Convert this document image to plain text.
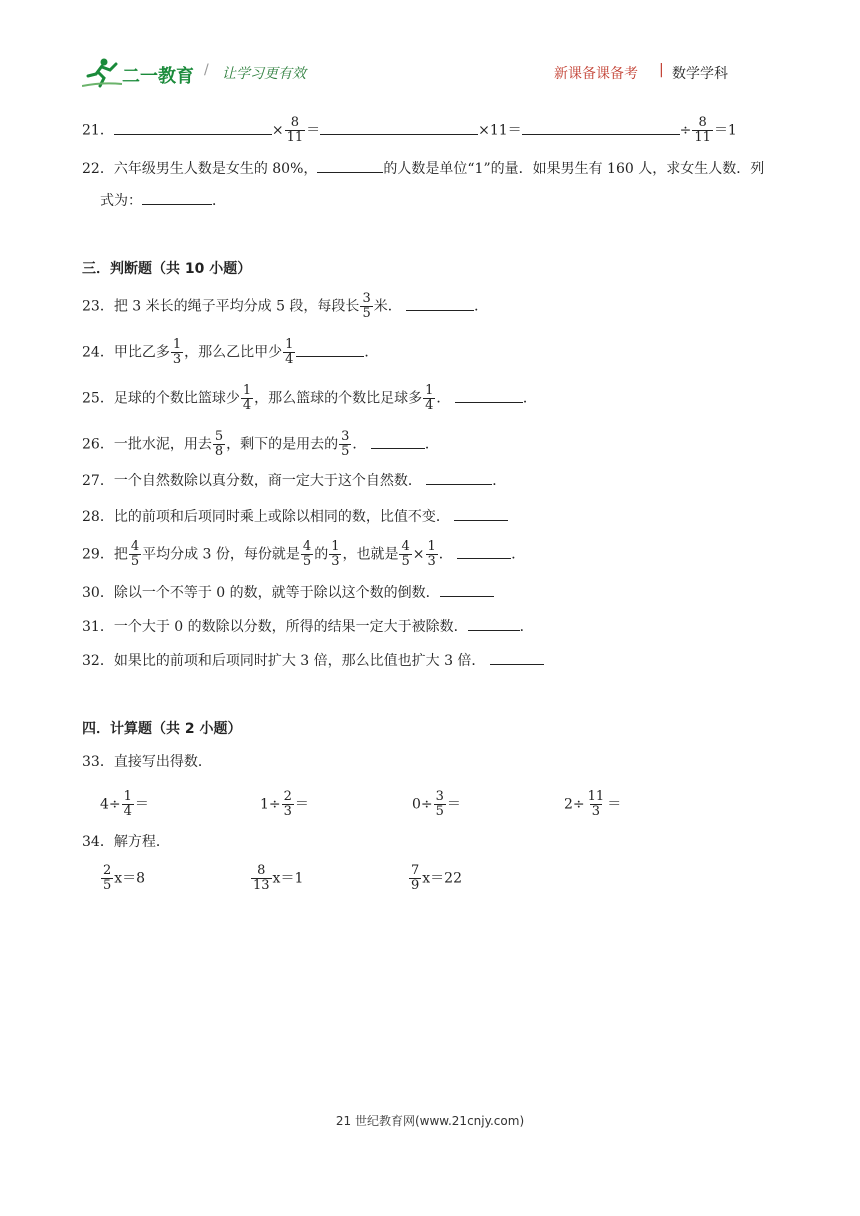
二一教育 / 让学习更有效	新课备课备考 | 数学学科
21．	× $\frac{8}{11}$ ＝	×11＝	÷ $\frac{8}{11} =1$
22．六年级男生人数是女生的 80%，	的人数是单位“1”的量．如果男生有 160 人，求女生人数．列
式为：	．
三．判断题（共 10 小题）
23．把 3 米长的绳子平均分成 5 段，每段长 $\frac{3}{5}$ 米．	．
24．甲比乙多 $\frac{1}{3}$ ，那么乙比甲少 $\frac{1}{4}$	．
25．足球的个数比篮球少 $\frac{1}{4}$ ，那么篮球的个数比足球多 $\frac{1}{4}$ ．	．
26．一批水泥，用去 $\frac{5}{8}$ ，剩下的是用去的 $\frac{3}{5}$ ．	．
27．一个自然数除以真分数，商一定大于这个自然数．	．
28．比的前项和后项同时乘上或除以相同的数，比值不变．
29．把 $\frac{4}{5}$ 平均分成 3 份，每份就是 $\frac{4}{5}$ 的 $\frac{1}{3}$ ，也就是 $\frac{4}{5} \times \frac{1}{3}$ ．	．
30．除以一个不等于 0 的数，就等于除以这个数的倒数．
31．一个大于 0 的数除以分数，所得的结果一定大于被除数．	．
32．如果比的前项和后项同时扩大 3 倍，那么比值也扩大 3 倍．
四．计算题（共 2 小题）
33．直接写出得数．
$4\div \frac{1}{4}$ ＝	$1\div \frac{2}{3}$ ＝	$0\div \frac{3}{5}$ ＝	$2\div \frac{11}{3}$ ＝
34．解方程．
$\frac{2}{5} x=8$	$\frac{8}{13} x=1$	$\frac{7}{9} x=22$
21 世纪教育网(www.21cnjy.com)
